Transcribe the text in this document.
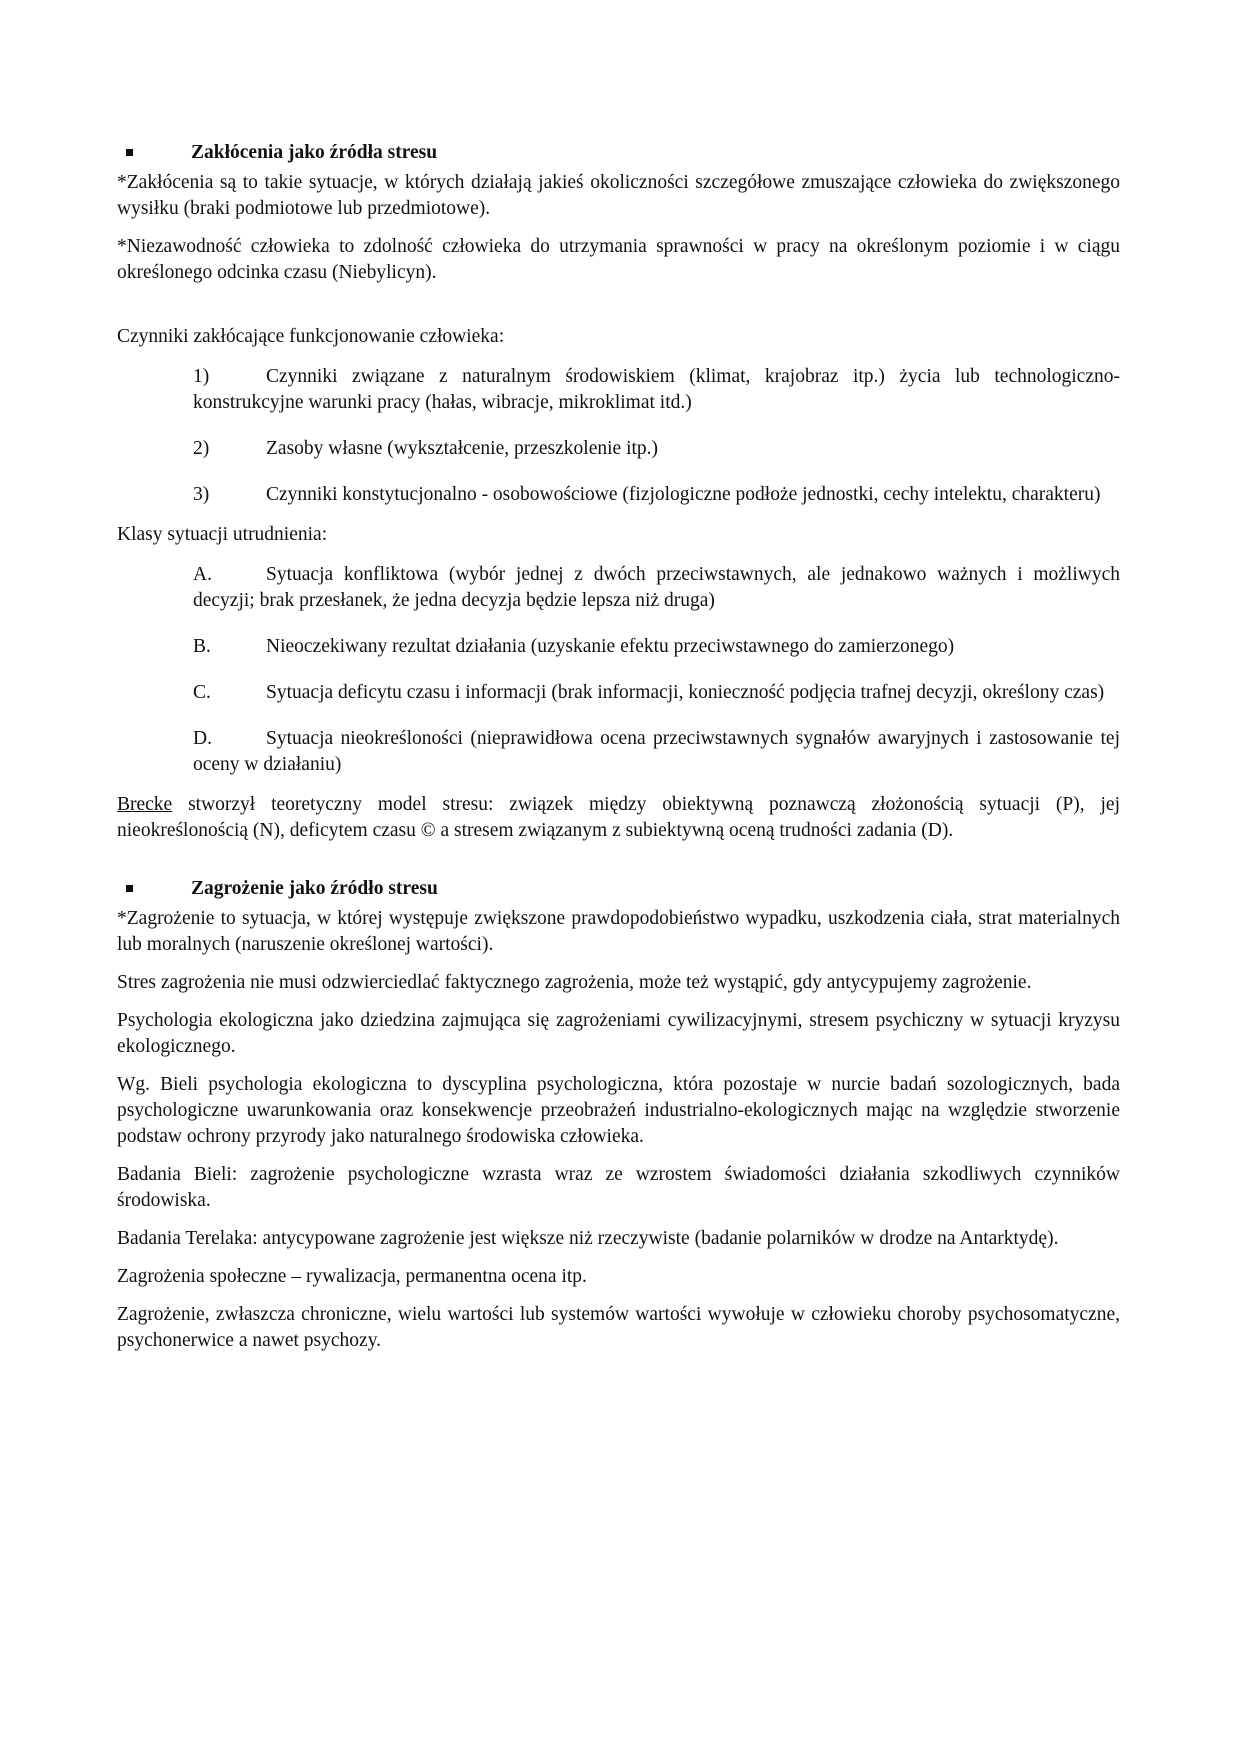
Zakłócenia jako źródła stresu

*Zakłócenia są to takie sytuacje, w których działają jakieś okoliczności szczegółowe zmuszające człowieka do zwiększonego wysiłku (braki podmiotowe lub przedmiotowe).

*Niezawodność człowieka to zdolność człowieka do utrzymania sprawności w pracy na określonym poziomie i w ciągu określonego odcinka czasu (Niebylicyn).

Czynniki zakłócające funkcjonowanie człowieka:

1)	Czynniki związane z naturalnym środowiskiem (klimat, krajobraz itp.) życia lub technologiczno- konstrukcyjne warunki pracy (hałas, wibracje, mikroklimat itd.)

2)	Zasoby własne (wykształcenie, przeszkolenie itp.)

3)	Czynniki konstytucjonalno - osobowościowe (fizjologiczne podłoże jednostki, cechy intelektu, charakteru)

Klasy sytuacji utrudnienia:

A.	Sytuacja konfliktowa (wybór jednej z dwóch przeciwstawnych, ale jednakowo ważnych i możliwych decyzji; brak przesłanek, że jedna decyzja będzie lepsza niż druga)

B.	Nieoczekiwany rezultat działania (uzyskanie efektu przeciwstawnego do zamierzonego)

C.	Sytuacja deficytu czasu i informacji (brak informacji, konieczność podjęcia trafnej decyzji, określony czas)

D.	Sytuacja nieokreśloności (nieprawidłowa ocena przeciwstawnych sygnałów awaryjnych i zastosowanie tej oceny w działaniu)

Brecke stworzył teoretyczny model stresu: związek między obiektywną poznawczą złożonością sytuacji (P), jej nieokreślonością (N), deficytem czasu © a stresem związanym z subiektywną oceną trudności zadania (D).

Zagrożenie jako źródło stresu

*Zagrożenie to sytuacja, w której występuje zwiększone prawdopodobieństwo wypadku, uszkodzenia ciała, strat materialnych lub moralnych (naruszenie określonej wartości).

Stres zagrożenia nie musi odzwierciedlać faktycznego zagrożenia, może też wystąpić, gdy antycypujemy zagrożenie.

Psychologia ekologiczna jako dziedzina zajmująca się zagrożeniami cywilizacyjnymi, stresem psychiczny w sytuacji kryzysu ekologicznego.

Wg. Bieli psychologia ekologiczna to dyscyplina psychologiczna, która pozostaje w nurcie badań sozologicznych, bada psychologiczne uwarunkowania oraz konsekwencje przeobrażeń industrialno-ekologicznych mając na względzie stworzenie podstaw ochrony przyrody jako naturalnego środowiska człowieka.

Badania Bieli: zagrożenie psychologiczne wzrasta wraz ze wzrostem świadomości działania szkodliwych czynników środowiska.

Badania Terelaka: antycypowane zagrożenie jest większe niż rzeczywiste (badanie polarników w drodze na Antarktydę).

Zagrożenia społeczne – rywalizacja, permanentna ocena itp.

Zagrożenie, zwłaszcza chroniczne, wielu wartości lub systemów wartości wywołuje w człowieku choroby psychosomatyczne, psychonerwice a nawet psychozy.
